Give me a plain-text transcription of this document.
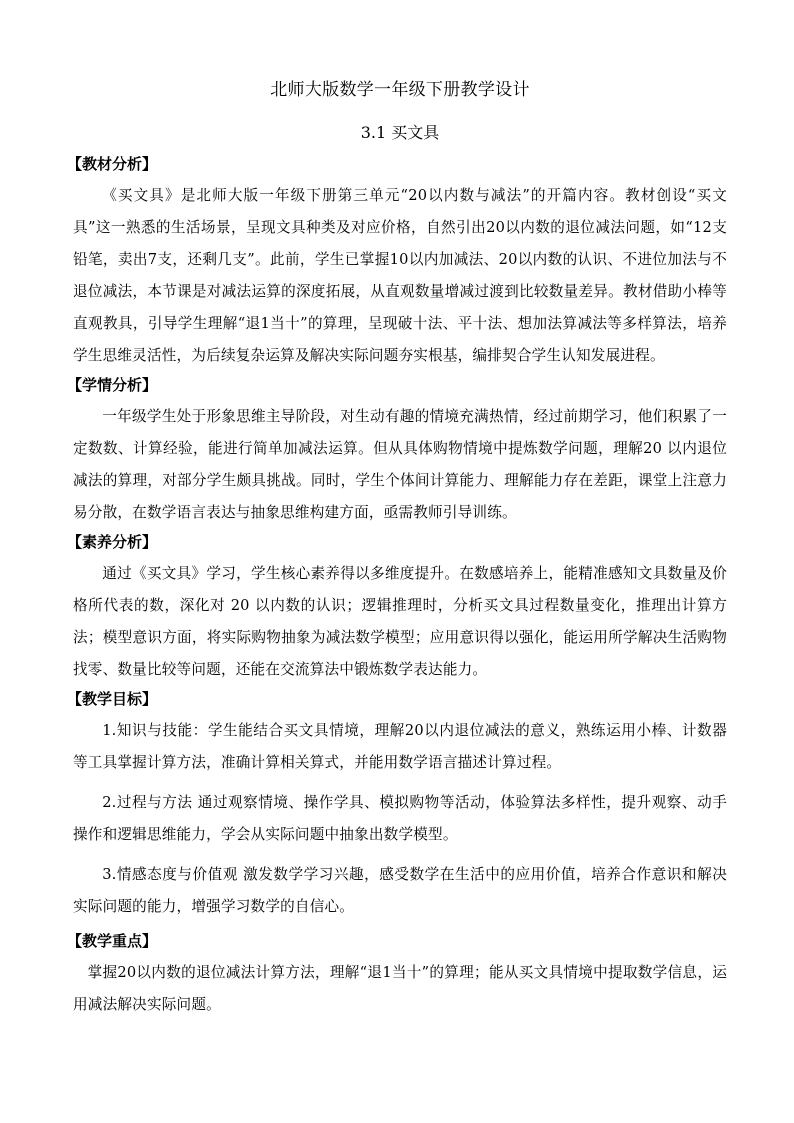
北师大版数学一年级下册教学设计
3.1 买文具
【教材分析】

《买文具》是北师大版一年级下册第三单元“20以内数与减法”的开篇内容。教材创设“买文具”这一熟悉的生活场景，呈现文具种类及对应价格，自然引出20以内数的退位减法问题，如“12支铅笔，卖出7支，还剩几支”。此前，学生已掌握10以内加减法、20以内数的认识、不进位加法与不退位减法，本节课是对减法运算的深度拓展，从直观数量增减过渡到比较数量差异。教材借助小棒等直观教具，引导学生理解“退1当十”的算理，呈现破十法、平十法、想加法算减法等多样算法，培养学生思维灵活性，为后续复杂运算及解决实际问题夯实根基，编排契合学生认知发展进程。

【学情分析】

一年级学生处于形象思维主导阶段，对生动有趣的情境充满热情，经过前期学习，他们积累了一定数数、计算经验，能进行简单加减法运算。但从具体购物情境中提炼数学问题，理解20 以内退位减法的算理，对部分学生颇具挑战。同时，学生个体间计算能力、理解能力存在差距，课堂上注意力易分散，在数学语言表达与抽象思维构建方面，亟需教师引导训练。

【素养分析】

通过《买文具》学习，学生核心素养得以多维度提升。在数感培养上，能精准感知文具数量及价格所代表的数，深化对 20 以内数的认识；逻辑推理时，分析买文具过程数量变化，推理出计算方法；模型意识方面，将实际购物抽象为减法数学模型；应用意识得以强化，能运用所学解决生活购物找零、数量比较等问题，还能在交流算法中锻炼数学表达能力。

【教学目标】

1.知识与技能：学生能结合买文具情境，理解20以内退位减法的意义，熟练运用小棒、计数器等工具掌握计算方法，准确计算相关算式，并能用数学语言描述计算过程。

2.过程与方法 通过观察情境、操作学具、模拟购物等活动，体验算法多样性，提升观察、动手操作和逻辑思维能力，学会从实际问题中抽象出数学模型。

3.情感态度与价值观 激发数学学习兴趣，感受数学在生活中的应用价值，培养合作意识和解决实际问题的能力，增强学习数学的自信心。

【教学重点】

掌握20以内数的退位减法计算方法，理解“退1当十”的算理；能从买文具情境中提取数学信息，运用减法解决实际问题。
